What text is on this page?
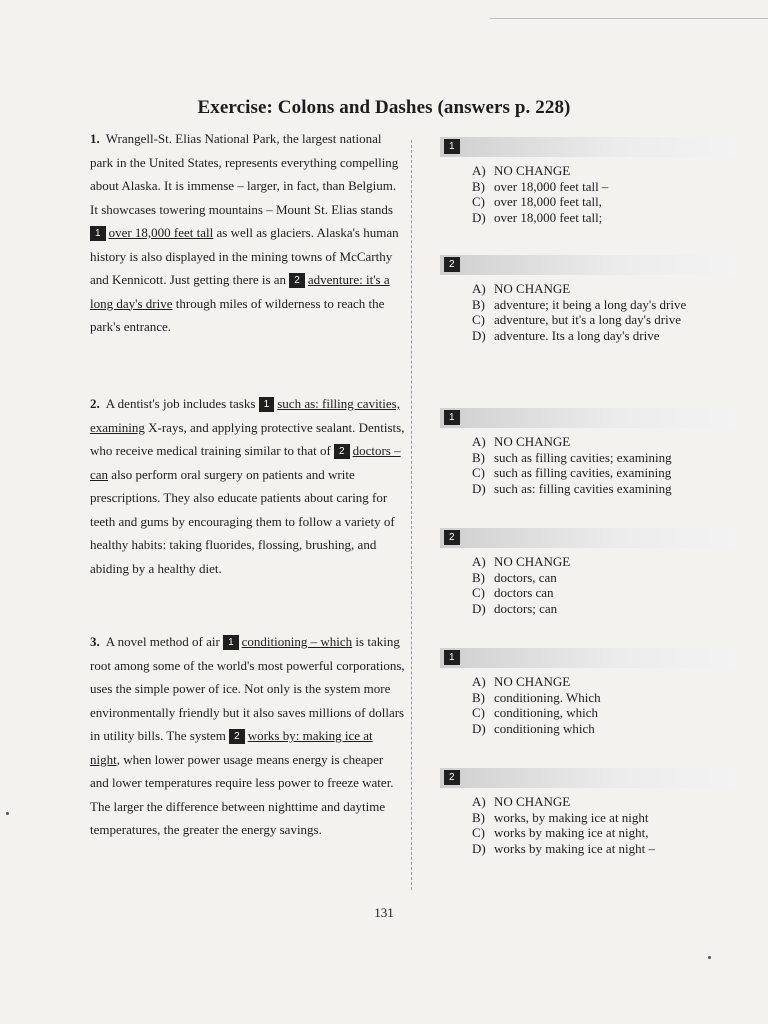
Exercise: Colons and Dashes (answers p. 228)
1. Wrangell-St. Elias National Park, the largest national park in the United States, represents everything compelling about Alaska. It is immense – larger, in fact, than Belgium. It showcases towering mountains – Mount St. Elias stands 1 over 18,000 feet tall as well as glaciers. Alaska's human history is also displayed in the mining towns of McCarthy and Kennicott. Just getting there is an 2 adventure: it's a long day's drive through miles of wilderness to reach the park's entrance.
2. A dentist's job includes tasks 1 such as: filling cavities, examining X-rays, and applying protective sealant. Dentists, who receive medical training similar to that of 2 doctors – can also perform oral surgery on patients and write prescriptions. They also educate patients about caring for teeth and gums by encouraging them to follow a variety of healthy habits: taking fluorides, flossing, brushing, and abiding by a healthy diet.
3. A novel method of air 1 conditioning – which is taking root among some of the world's most powerful corporations, uses the simple power of ice. Not only is the system more environmentally friendly but it also saves millions of dollars in utility bills. The system 2 works by: making ice at night, when lower power usage means energy is cheaper and lower temperatures require less power to freeze water. The larger the difference between nighttime and daytime temperatures, the greater the energy savings.
1
A) NO CHANGE
B) over 18,000 feet tall –
C) over 18,000 feet tall,
D) over 18,000 feet tall;
2
A) NO CHANGE
B) adventure; it being a long day's drive
C) adventure, but it's a long day's drive
D) adventure. Its a long day's drive
1
A) NO CHANGE
B) such as filling cavities; examining
C) such as filling cavities, examining
D) such as: filling cavities examining
2
A) NO CHANGE
B) doctors, can
C) doctors can
D) doctors; can
1
A) NO CHANGE
B) conditioning. Which
C) conditioning, which
D) conditioning which
2
A) NO CHANGE
B) works, by making ice at night
C) works by making ice at night,
D) works by making ice at night –
131
